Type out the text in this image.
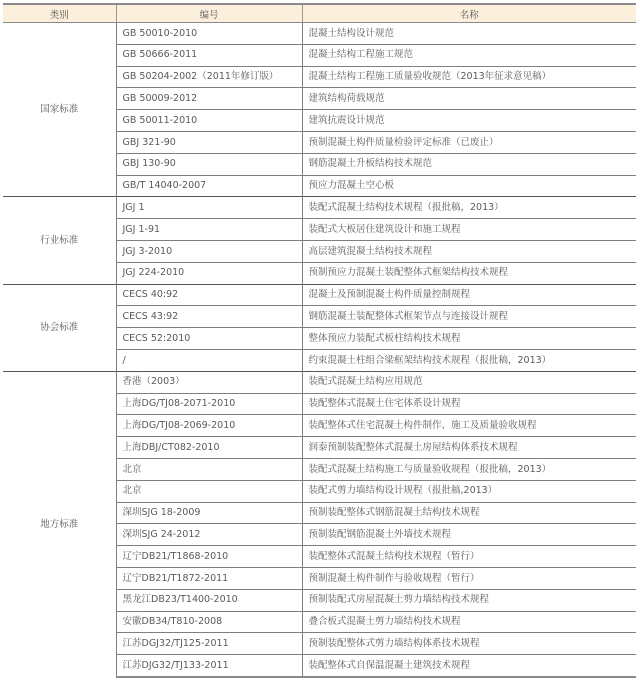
类别	编号	名称
国家标准	GB 50010-2010	混凝土结构设计规范
	GB 50666-2011	混凝土结构工程施工规范
	GB 50204-2002（2011年修订版）	混凝土结构工程施工质量验收规范（2013年征求意见稿）
	GB 50009-2012	建筑结构荷载规范
	GB 50011-2010	建筑抗震设计规范
	GBJ 321-90	预制混凝土构件质量检验评定标准（已废止）
	GBJ 130-90	钢筋混凝土升板结构技术规范
	GB/T 14040-2007	预应力混凝土空心板
行业标准	JGJ 1	装配式混凝土结构技术规程（报批稿，2013）
	JGJ 1-91	装配式大板居住建筑设计和施工规程
	JGJ 3-2010	高层建筑混凝土结构技术规程
	JGJ 224-2010	预制预应力混凝土装配整体式框架结构技术规程
协会标准	CECS 40:92	混凝土及预制混凝土构件质量控制规程
	CECS 43:92	钢筋混凝土装配整体式框架节点与连接设计规程
	CECS 52:2010	整体预应力装配式板柱结构技术规程
	/	约束混凝土柱组合梁框架结构技术规程（报批稿，2013）
地方标准	香港（2003）	装配式混凝土结构应用规范
	上海DG/TJ08-2071-2010	装配整体式混凝土住宅体系设计规程
	上海DG/TJ08-2069-2010	装配整体式住宅混凝土构件制作、施工及质量验收规程
	上海DBJ/CT082-2010	润泰预制装配整体式混凝土房屋结构体系技术规程
	北京	装配式混凝土结构施工与质量验收规程（报批稿，2013）
	北京	装配式剪力墙结构设计规程（报批稿,2013）
	深圳SJG 18-2009	预制装配整体式钢筋混凝土结构技术规程
	深圳SJG 24-2012	预制装配钢筋混凝土外墙技术规程
	辽宁DB21/T1868-2010	装配整体式混凝土结构技术规程（暂行）
	辽宁DB21/T1872-2011	预制混凝土构件制作与验收规程（暂行）
	黑龙江DB23/T1400-2010	预制装配式房屋混凝土剪力墙结构技术规程
	安徽DB34/T810-2008	叠合板式混凝土剪力墙结构技术规程
	江苏DGJ32/TJ125-2011	预制装配整体式剪力墙结构体系技术规程
	江苏DJG32/TJ133-2011	装配整体式自保温混凝土建筑技术规程
